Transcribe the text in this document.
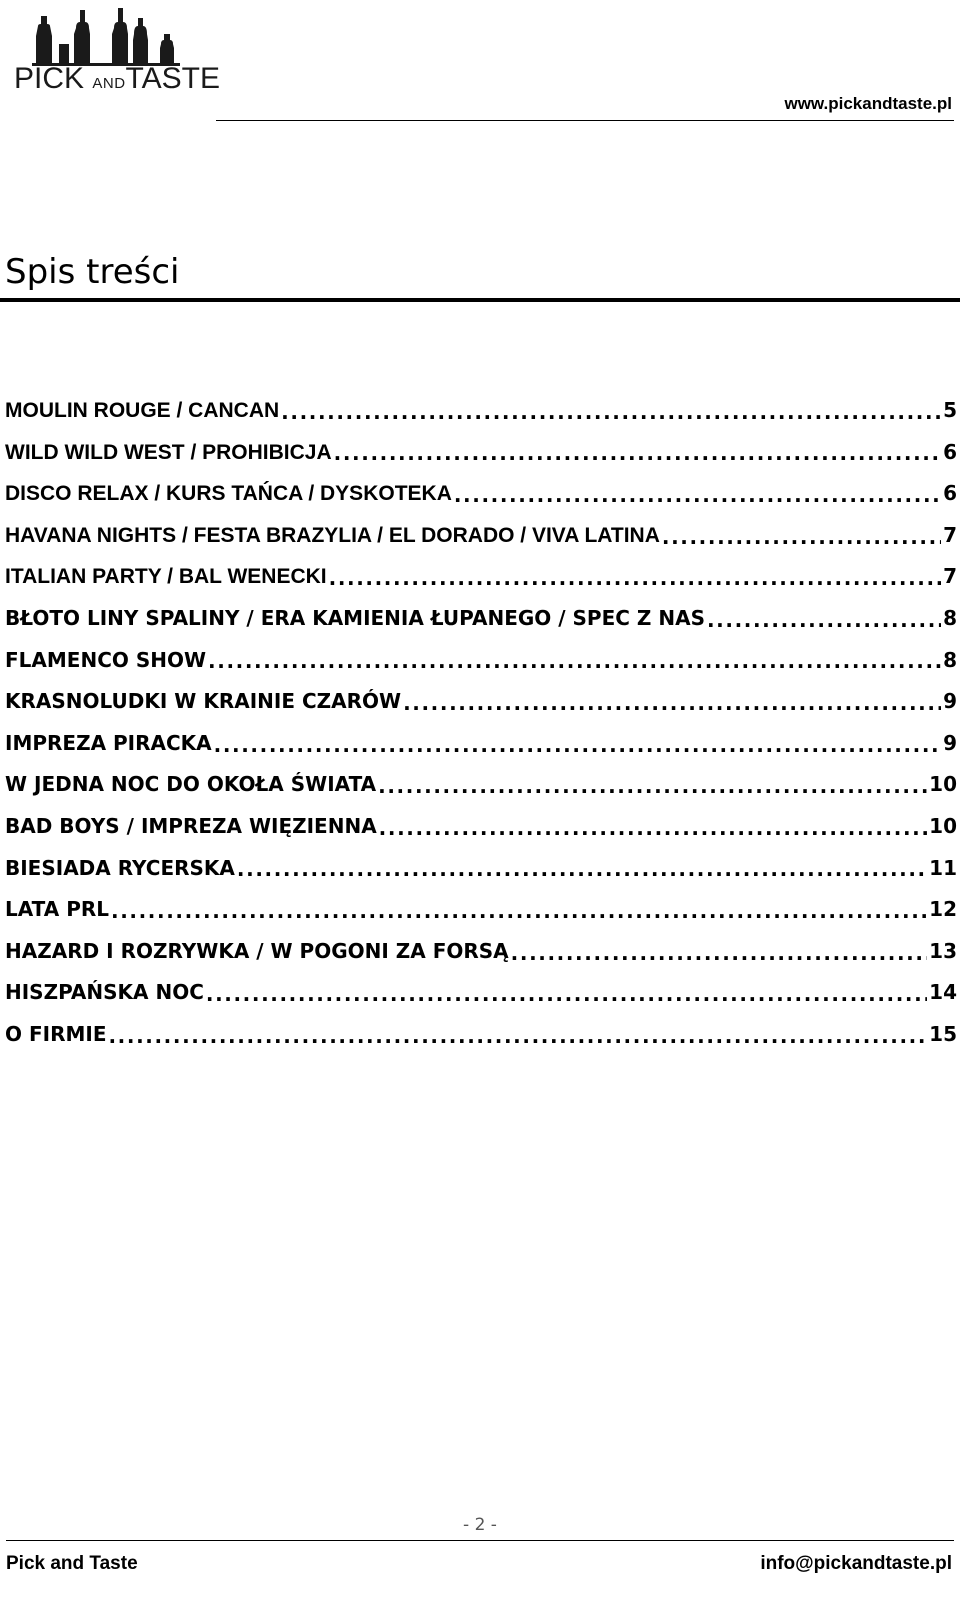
PICK ANDTASTE
www.pickandtaste.pl
Spis treści
MOULIN ROUGE / CANCAN .....	5
WILD WILD WEST / PROHIBICJA .....	6
DISCO RELAX / KURS TAŃCA / DYSKOTEKA .....	6
HAVANA NIGHTS / FESTA BRAZYLIA / EL DORADO / VIVA LATINA .....	7
ITALIAN PARTY / BAL WENECKI .....	7
BŁOTO LINY SPALINY / ERA KAMIENIA ŁUPANEGO / SPEC Z NAS .....	8
FLAMENCO SHOW .....	8
KRASNOLUDKI W KRAINIE CZARÓW .....	9
IMPREZA PIRACKA .....	9
W JEDNA NOC DO OKOŁA ŚWIATA .....	10
BAD BOYS / IMPREZA WIĘZIENNA .....	10
BIESIADA RYCERSKA .....	11
LATA PRL .....	12
HAZARD I ROZRYWKA / W POGONI ZA FORSĄ .....	13
HISZPAŃSKA NOC .....	14
O FIRMIE .....	15
- 2 -
Pick and Taste	info@pickandtaste.pl
